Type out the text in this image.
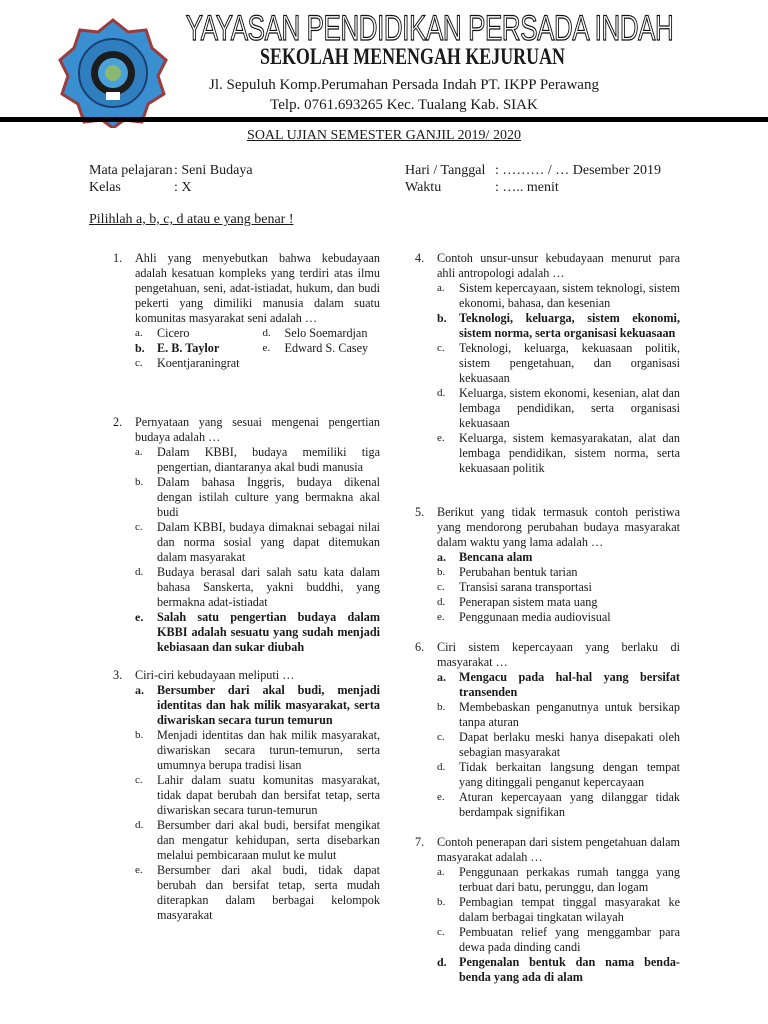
YAYASAN PENDIDIKAN PERSADA INDAH
SEKOLAH MENENGAH KEJURUAN
Jl. Sepuluh Komp.Perumahan Persada Indah PT. IKPP Perawang
Telp. 0761.693265 Kec. Tualang Kab. SIAK
SOAL UJIAN SEMESTER GANJIL 2019/ 2020
Mata pelajaran: Seni Budaya
Kelas	: X
Hari / Tanggal : ……… / … Desember 2019
Waktu	: ….. menit
Pilihlah a, b, c, d atau e yang benar !
1. Ahli yang menyebutkan bahwa kebudayaan adalah kesatuan kompleks yang terdiri atas ilmu pengetahuan, seni, adat-istiadat, hukum, dan budi pekerti yang dimiliki manusia dalam suatu komunitas masyarakat seni adalah …
a.	Cicero	d.	Selo Soemardjan
b.	E. B. Taylor	e.	Edward S. Casey
c.	Koentjaraningrat
2. Pernyataan yang sesuai mengenai pengertian budaya adalah …
a.	Dalam KBBI, budaya memiliki tiga pengertian, diantaranya akal budi manusia
b.	Dalam bahasa Inggris, budaya dikenal dengan istilah culture yang bermakna akal budi
c.	Dalam KBBI, budaya dimaknai sebagai nilai dan norma sosial yang dapat ditemukan dalam masyarakat
d.	Budaya berasal dari salah satu kata dalam bahasa Sanskerta, yakni buddhi, yang bermakna adat-istiadat
e.	Salah satu pengertian budaya dalam KBBI adalah sesuatu yang sudah menjadi kebiasaan dan sukar diubah
3. Ciri-ciri kebudayaan meliputi …
a.	Bersumber dari akal budi, menjadi identitas dan hak milik masyarakat, serta diwariskan secara turun temurun
b.	Menjadi identitas dan hak milik masyarakat, diwariskan secara turun-temurun, serta umumnya berupa tradisi lisan
c.	Lahir dalam suatu komunitas masyarakat, tidak dapat berubah dan bersifat tetap, serta diwariskan secara turun-temurun
d.	Bersumber dari akal budi, bersifat mengikat dan mengatur kehidupan, serta disebarkan melalui pembicaraan mulut ke mulut
e.	Bersumber dari akal budi, tidak dapat berubah dan bersifat tetap, serta mudah diterapkan dalam berbagai kelompok masyarakat
4. Contoh unsur-unsur kebudayaan menurut para ahli antropologi adalah …
a.	Sistem kepercayaan, sistem teknologi, sistem ekonomi, bahasa, dan kesenian
b.	Teknologi, keluarga, sistem ekonomi, sistem norma, serta organisasi kekuasaan
c.	Teknologi, keluarga, kekuasaan politik, sistem pengetahuan, dan organisasi kekuasaan
d.	Keluarga, sistem ekonomi, kesenian, alat dan lembaga pendidikan, serta organisasi kekuasaan
e.	Keluarga, sistem kemasyarakatan, alat dan lembaga pendidikan, sistem norma, serta kekuasaan politik
5. Berikut yang tidak termasuk contoh peristiwa yang mendorong perubahan budaya masyarakat dalam waktu yang lama adalah …
a.	Bencana alam
b.	Perubahan bentuk tarian
c.	Transisi sarana transportasi
d.	Penerapan sistem mata uang
e.	Penggunaan media audiovisual
6. Ciri sistem kepercayaan yang berlaku di masyarakat …
a.	Mengacu pada hal-hal yang bersifat transenden
b.	Membebaskan penganutnya untuk bersikap tanpa aturan
c.	Dapat berlaku meski hanya disepakati oleh sebagian masyarakat
d.	Tidak berkaitan langsung dengan tempat yang ditinggali penganut kepercayaan
e.	Aturan kepercayaan yang dilanggar tidak berdampak signifikan
7. Contoh penerapan dari sistem pengetahuan dalam masyarakat adalah …
a.	Penggunaan perkakas rumah tangga yang terbuat dari batu, perunggu, dan logam
b.	Pembagian tempat tinggal masyarakat ke dalam berbagai tingkatan wilayah
c.	Pembuatan relief yang menggambar para dewa pada dinding candi
d.	Pengenalan bentuk dan nama benda-benda yang ada di alam
